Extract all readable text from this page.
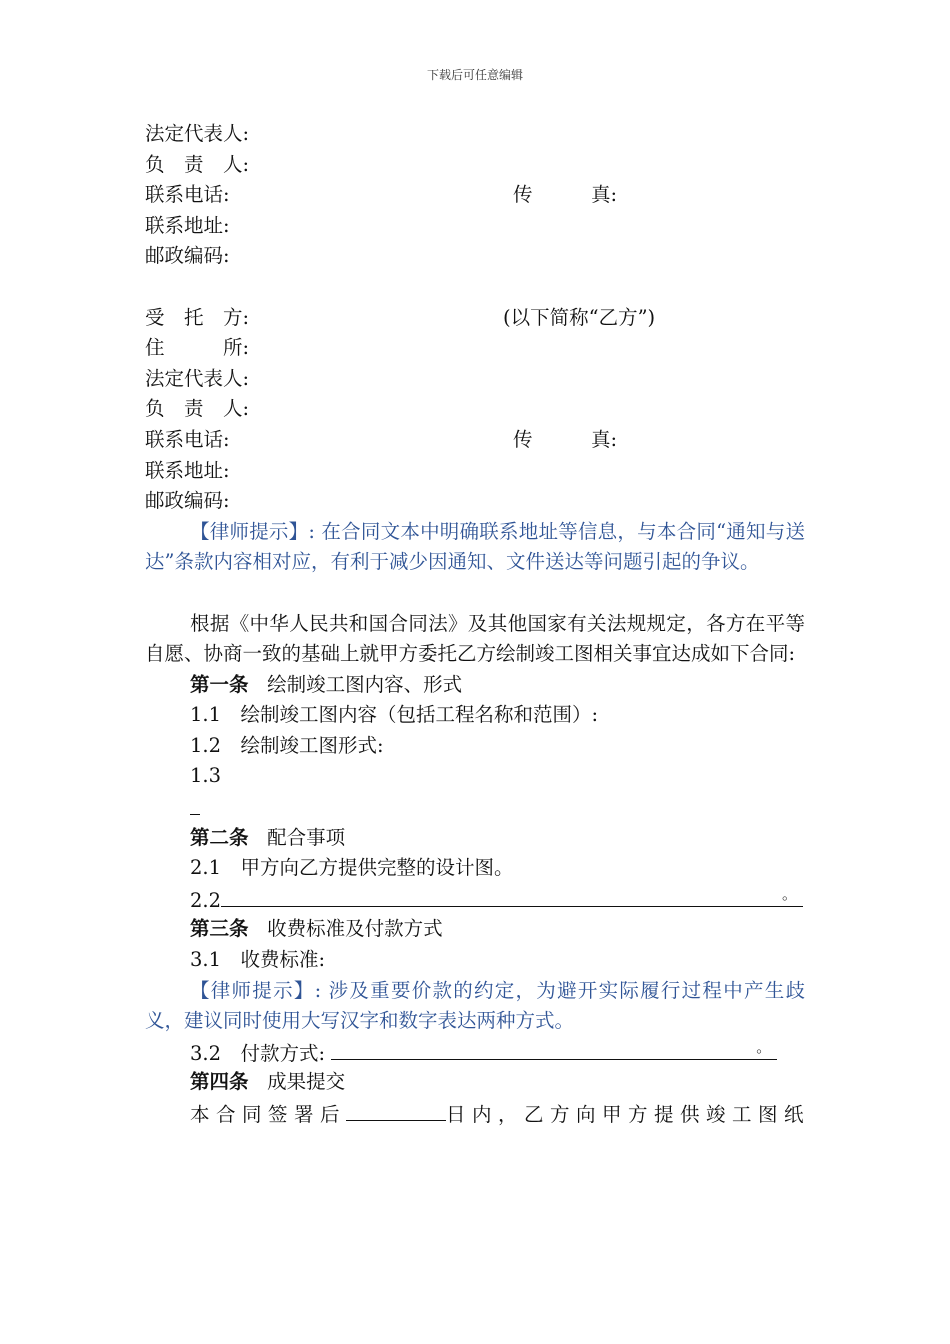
下载后可任意编辑
法定代表人:
负　责　人:
联系电话:	传　　　真:
联系地址:
邮政编码:
受　托　方:	(以下简称“乙方”)
住　　　所:
法定代表人:
负　责　人:
联系电话:	传　　　真:
联系地址:
邮政编码:
【律师提示】: 在合同文本中明确联系地址等信息，与本合同“通知与送达”条款内容相对应，有利于减少因通知、文件送达等问题引起的争议。
根据《中华人民共和国合同法》及其他国家有关法规规定，各方在平等自愿、协商一致的基础上就甲方委托乙方绘制竣工图相关事宜达成如下合同:
第一条 绘制竣工图内容、形式
1.1　绘制竣工图内容（包括工程名称和范围）:
1.2　绘制竣工图形式:
1.3
第二条 配合事项
2.1　甲方向乙方提供完整的设计图。
2.2	。
第三条 收费标准及付款方式
3.1　收费标准:
【律师提示】: 涉及重要价款的约定，为避开实际履行过程中产生歧义，建议同时使用大写汉字和数字表达两种方式。
3.2　付款方式:	。
第四条 成果提交
本合同签署后	日内，乙方向甲方提供竣工图纸
